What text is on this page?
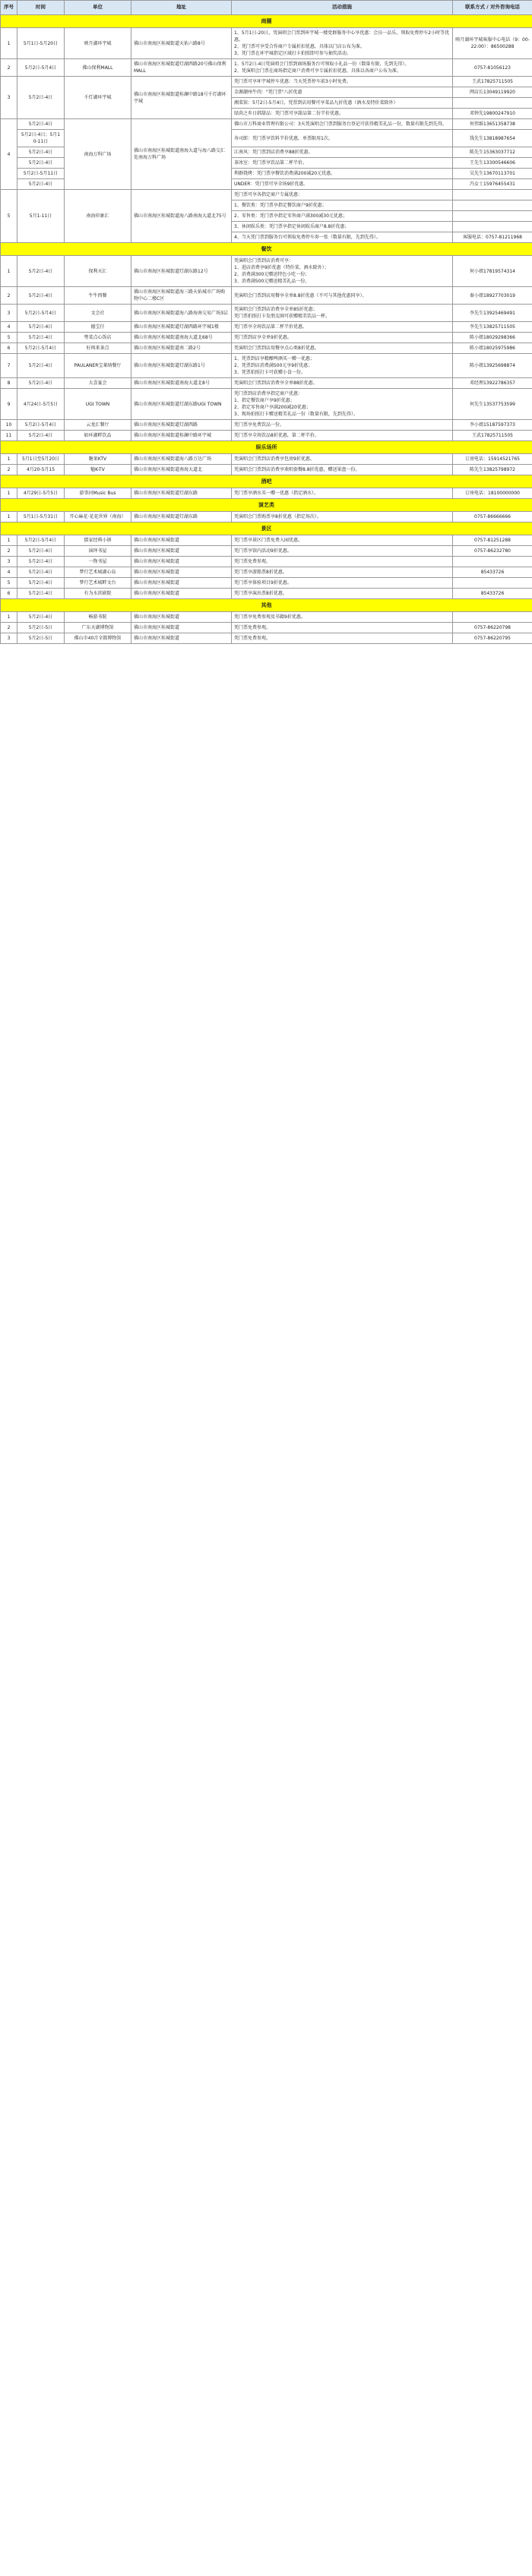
序号	时间	单位	地址	活动措施	联系方式 / 对外咨询电话
商圈					
1	5月1日-5月20日	映月湖环宇城	佛山市南海区桂城街道天佑六路8号	1、5月1日-20日，凭演唱会门票到环宇城一楼党群服务中心享优惠：会员一品乐，领取免费停车2小时等优惠。
2、凭门票可享受合作商户专属折扣优惠，具体以门店公布为准。
3、凭门票在环宇城指定区域打卡拍照即可参与抽奖活动。	映月湖环宇城客服中心电话（9：00-22:00）：86500288
2	5月2日-5月4日	佛山保利MALL	佛山市南海区桂城街道灯湖西路20号佛山保利MALL	1、5月2日-4日凭演唱会门票到商场服务台可领取小礼品一份（数量有限，先到先得）。
2、凭演唱会门票在商场指定商户消费可享专属折扣优惠，具体以各商户公布为准。	0757-81056123
3	5月2日-4日	千灯湖环宇城	佛山市南海区桂城街道桂澜中路18号千灯湖环宇城	凭门票可享环宇城停车优惠：当天凭票停车前3小时免费。	王武17825711505
				金源潮州牛肉："凭门票"八折优惠	网店长13049119920
				湘菜馆：5月2日-5月4日，凭票到店用餐可享菜品九折优惠（酒水及特价菜除外）	
				绿茵之乡日韩甜品：凭门票可享甜品第二份半价优惠。	邓钟先19800247910
4	5月2日-4日	南海万科广场	佛山市南海区桂城街道南海大道与海八路交汇处南海万科广场	佛山市万科商业管理有限公司：3天凭演唱会门票到服务台登记可获得精美礼品一份，数量有限先到先得。	何伟维13651358738
	5月2日-4日；5月10-11日			寿司郎：凭门票享饮料半价优惠，单票限用1次。	钱先生13818987654
	5月2日-4日			江南风：凭门票到店消费享88折优惠。	陈先生15363037712
	5月2日-4日			茶冰室：凭门票享饮品第二杯半价。	王先生13300546606
	5月2日-5月11日			利群烧烤：凭门票享餐饮消费满200减20元优惠。	吴先生13670113701
	5月2日-4日			UNDER：凭门票可享全场9折优惠。	冯女士15976455431
5	5月1-11日	南海印象汇	佛山市南海区桂城街道海八路南海大道北75号	凭门票可享各指定商户专属优惠：	
				1、餐饮类：凭门票享指定餐饮商户9折优惠；	
				2、零售类：凭门票享指定零售商户满300减30元优惠；	
				3、休闲娱乐类：凭门票享指定休闲娱乐商户8.8折优惠；	
				4、当天凭门票到服务台可领取免费停车券一张（数量有限，先到先得）。	客服电话：0757-81211968
餐饮					
1	5月2日-4日	保利天汇	佛山市南海区桂城街道灯湖东路12号	凭演唱会门票到店消费可享：
1、进店消费享9折优惠（特价菜、酒水除外）；
2、消费满300元赠送特色小吃一份；
3、消费满500元赠送精美礼品一份。	何小姐17819574314
2	5月2日-4日	牛牛西餐	佛山市南海区桂城街道海三路天佑城市广场购物中心二楼C区	凭演唱会门票到店用餐享全单8.8折优惠（不可与其他优惠同享）。	秦小姐18927703019
3	5月2日-5月4日	文会社	佛山市南海区桂城街道海八路海南交易广场3层	凭演唱会门票到店消费享全单85折优惠；
凭门票拍照打卡发朋友圈可获赠精美饮品一杯。	李先生13925469491
4	5月2日-4日	德宝仔	佛山市南海区桂城街道灯湖西路环宇城1楼	凭门票享全场饮品第二杯半价优惠。	李先生13825711505
5	5月2日-4日	粤菜点心饭店	佛山市南海区桂城街道南海大道北68号	凭门票到店享全单9折优惠。	陈小姐18029298366
6	5月2日-5月4日	好再来茶点	佛山市南海区桂城街道南二路2号	凭演唱会门票到店用餐享点心类8折优惠。	陈小姐18025975986
7	5月2日-4日	PAULANER宝莱纳餐厅	佛山市南海区桂城街道灯湖东路1号	1、凭票到店享精酿啤酒买一赠一优惠；
2、凭票到店消费满500元享9折优惠；
3、凭票拍照打卡可获赠小食一份。	陈小姐13925698874
8	5月2日-4日	大喜宴会	佛山市南海区桂城街道南海大道北8号	凭演唱会门票到店消费享全单88折优惠。	邓经理13922786357
9	4月24日-5月5日	UGI TOWN	佛山市南海区桂城街道灯湖东路UGI TOWN	凭门票到店消费享指定商户优惠：
1、指定餐饮商户享9折优惠；
2、指定零售商户享满200减20优惠；
3、现场拍照打卡赠送精美礼品一份（数量有限，先到先得）。	何先生13537753599
10	5月2日-5月4日	云龙汇餐厅	佛山市南海区桂城街道灯湖西路	凭门票享免费饮品一份。	李小姐15187597373
11	5月2日-4日	如环湖畔饮品	佛山市南海区桂城街道桂澜中路环宇城	凭门票享全场饮品8折优惠，第二杯半价。	王武17825711505
娱乐场所					
1	5月1日至5月20日	糖果KTV	佛山市南海区桂城街道海八路万达广场	凭演唱会门票到店消费享包房9折优惠。	订房电话：15914521765
2	4月20-5月15	魅K-TV	佛山市南海区桂城街道南海大道北	凭演唱会门票到店消费享欢唱套餐8.8折优惠，赠送果盘一份。	陈先生13825798972
酒吧					
1	4月29日-5月5日	游事河Music Bus	佛山市南海区桂城街道灯湖东路	凭门票享酒水买一赠一优惠（指定酒水）。	订座电话：18100000000
演艺类					
1	5月1日-5月31日	开心麻花·花花世界（南海）	佛山市南海区桂城街道灯湖东路	凭演唱会门票购票享8折优惠（指定场次）。	0757-86666666
景区					
1	5月2日-5月4日	儒家经典小镇	佛山市南海区桂城街道	凭门票享景区门票免费入园优惠。	0757-81251288
2	5月2日-4日	演绎书屋	佛山市南海区桂城街道	凭门票享馆内活动9折优惠。	0757-86232780
3	5月2日-4日	一物书屋	佛山市南海区桂城街道	凭门票免费参观。	
4	5月2日-4日	梦行艺术城湖心岛	佛山市南海区桂城街道	凭门票享游船票8折优惠。	85433726
5	5月2日-4日	梦行艺术城畔文台	佛山市南海区桂城街道	凭门票享体验项目9折优惠。	
6	5月2日-4日	有为水滨剧院	佛山市南海区桂城街道	凭门票享演出票8折优惠。	85433726
其他					
1	5月2日-4日	畅游书院	佛山市南海区桂城街道	凭门票享免费参观及书籍9折优惠。	
2	5月2日-5日	广东天湖博物馆	佛山市南海区桂城街道	凭门票免费参观。	0757-86220798
3	5月2日-5日	佛山市40音全都博物馆	佛山市南海区桂城街道	凭门票免费参观。	0757-86220795
